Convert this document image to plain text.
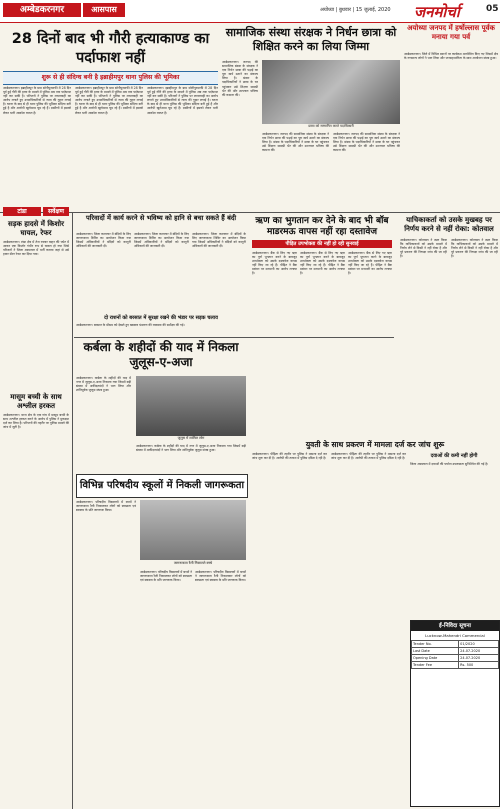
अम्बेडकरनगर	आसपास	अयोध्या | बुधवार | 15 जुलाई, 2020 जनमोर्चा	05
28 दिनों बाद भी गौरी हत्याकाण्ड का पर्दाफाश नहीं
शुरू से ही संदिग्ध बनी है इब्राहीमपुर थाना पुलिस की भूमिका
अम्बेडकरनगर। इब्राहीमपुर के ग्राम सोनीपुरमाफी में 28 दिन पूर्व हुई गौरी की हत्या के मामले में पुलिस अब तक पर्दाफाश नहीं कर सकी है। परिजनों ने पुलिस पर लापरवाही का आरोप लगाते हुए उच्चाधिकारियों से न्याय की गुहार लगाई है। घटना के बाद से ही थाना पुलिस की भूमिका संदिग्ध बनी हुई है और आरोपी खुलेआम घूम रहे हैं। ग्रामीणों में इसको लेकर भारी आक्रोश व्याप्त है।
अम्बेडकरनगर। इब्राहीमपुर के ग्राम सोनीपुरमाफी में 28 दिन पूर्व हुई गौरी की हत्या के मामले में पुलिस अब तक पर्दाफाश नहीं कर सकी है। परिजनों ने पुलिस पर लापरवाही का आरोप लगाते हुए उच्चाधिकारियों से न्याय की गुहार लगाई है। घटना के बाद से ही थाना पुलिस की भूमिका संदिग्ध बनी हुई है और आरोपी खुलेआम घूम रहे हैं। ग्रामीणों में इसको लेकर भारी आक्रोश व्याप्त है।
अम्बेडकरनगर। इब्राहीमपुर के ग्राम सोनीपुरमाफी में 28 दिन पूर्व हुई गौरी की हत्या के मामले में पुलिस अब तक पर्दाफाश नहीं कर सकी है। परिजनों ने पुलिस पर लापरवाही का आरोप लगाते हुए उच्चाधिकारियों से न्याय की गुहार लगाई है। घटना के बाद से ही थाना पुलिस की भूमिका संदिग्ध बनी हुई है और आरोपी खुलेआम घूम रहे हैं। ग्रामीणों में इसको लेकर भारी आक्रोश व्याप्त है।
सामाजिक संस्था संरक्षक ने निर्धन छात्रा को शिक्षित करने का लिया जिम्मा
अम्बेडकरनगर। जनपद की सामाजिक संस्था के संरक्षक ने एक निर्धन छात्रा की पढ़ाई का पूरा खर्च उठाने का संकल्प लिया है। संस्था के पदाधिकारियों ने छात्रा के घर पहुंचकर उसे शिक्षण सामग्री भेंट की और उज्ज्वल भविष्य की कामना की।
छात्रा को सम्मानित करते पदाधिकारी
अम्बेडकरनगर। जनपद की सामाजिक संस्था के संरक्षक ने एक निर्धन छात्रा की पढ़ाई का पूरा खर्च उठाने का संकल्प लिया है। संस्था के पदाधिकारियों ने छात्रा के घर पहुंचकर उसे शिक्षण सामग्री भेंट की और उज्ज्वल भविष्य की कामना की।
अम्बेडकरनगर। जनपद की सामाजिक संस्था के संरक्षक ने एक निर्धन छात्रा की पढ़ाई का पूरा खर्च उठाने का संकल्प लिया है। संस्था के पदाधिकारियों ने छात्रा के घर पहुंचकर उसे शिक्षण सामग्री भेंट की और उज्ज्वल भविष्य की कामना की।
अयोध्या जनपद में हर्षोल्लास पूर्वक मनाया गया पर्व
अम्बेडकरनगर। जिले में विभिन्न स्थानों पर कार्यक्रम आयोजित किए गए जिसमें क्षेत्र के गणमान्य लोगों ने भाग लिया और जनसहभागिता के साथ आयोजन संपन्न हुआ।
टांडा	सर्वेक्षण
सड़क हादसे में किशोर घायल, रेफर
अम्बेडकरनगर। टांडा क्षेत्र में तेज रफ्तार वाहन की चपेट में आकर एक किशोर गंभीर रूप से घायल हो गया जिसे परिजनों ने जिला अस्पताल में भर्ती कराया जहां से उसे हायर सेंटर रेफर कर दिया गया।
मासूम बच्ची के साथ अश्लील हरकत
अम्बेडकरनगर। थाना क्षेत्र के एक गांव में मासूम बच्ची के साथ अश्लील हरकत करने के आरोप में पुलिस ने मुकदमा दर्ज कर लिया है। परिजनों की तहरीर पर पुलिस मामले की जांच में जुटी है।
परिवादों में कार्य करने से भविष्य को हानि से बचा सकते हैं बंदी
अम्बेडकरनगर। जिला कारागार में बंदियों के लिए जागरूकता शिविर का आयोजन किया गया जिसमें अधिकारियों ने बंदियों को कानूनी अधिकारों की जानकारी दी।
अम्बेडकरनगर। जिला कारागार में बंदियों के लिए जागरूकता शिविर का आयोजन किया गया जिसमें अधिकारियों ने बंदियों को कानूनी अधिकारों की जानकारी दी।
अम्बेडकरनगर। जिला कारागार में बंदियों के लिए जागरूकता शिविर का आयोजन किया गया जिसमें अधिकारियों ने बंदियों को कानूनी अधिकारों की जानकारी दी।
दो राशनों को बरसात में सुरक्षा रखने की भंडार पर सड़क चलाव
अम्बेडकरनगर। बरसात के मौसम को देखते हुए खाद्यान्न भंडारण की व्यवस्था की समीक्षा की गई।
ऋण का भुगतान कर देने के बाद भी बॉब माडरमऊ वापस नहीं रहा दस्तावेज
पीड़ित उपभोक्ता की नहीं हो रही सुनवाई
अम्बेडकरनगर। बैंक से लिए गए ऋण का पूर्ण भुगतान करने के बावजूद उपभोक्ता को उसके दस्तावेज वापस नहीं किए जा रहे हैं। पीड़ित ने बैंक प्रबंधन पर मनमानी का आरोप लगाया है।
अम्बेडकरनगर। बैंक से लिए गए ऋण का पूर्ण भुगतान करने के बावजूद उपभोक्ता को उसके दस्तावेज वापस नहीं किए जा रहे हैं। पीड़ित ने बैंक प्रबंधन पर मनमानी का आरोप लगाया है।
अम्बेडकरनगर। बैंक से लिए गए ऋण का पूर्ण भुगतान करने के बावजूद उपभोक्ता को उसके दस्तावेज वापस नहीं किए जा रहे हैं। पीड़ित ने बैंक प्रबंधन पर मनमानी का आरोप लगाया है।
याचिकाकर्ता को उसके मुखबह पर निर्णय करने से नहीं रोका: कोतवाल
अम्बेडकरनगर। कोतवाल ने स्पष्ट किया कि याचिकाकर्ता को उसके मामले में निर्णय लेने से किसी ने नहीं रोका है और पूरे प्रकरण की निष्पक्ष जांच की जा रही है।
अम्बेडकरनगर। कोतवाल ने स्पष्ट किया कि याचिकाकर्ता को उसके मामले में निर्णय लेने से किसी ने नहीं रोका है और पूरे प्रकरण की निष्पक्ष जांच की जा रही है।
कर्बला के शहीदों की याद में निकला जुलूस-ए-अजा
अम्बेडकरनगर। कर्बला के शहीदों की याद में नगर में जुलूस-ए-अजा निकाला गया जिसमें बड़ी संख्या में अकीदतमंदों ने भाग लिया और शांतिपूर्वक जुलूस संपन्न हुआ।
जुलूस में शामिल लोग
अम्बेडकरनगर। कर्बला के शहीदों की याद में नगर में जुलूस-ए-अजा निकाला गया जिसमें बड़ी संख्या में अकीदतमंदों ने भाग लिया और शांतिपूर्वक जुलूस संपन्न हुआ।
युवती के साथ प्रकरण में मामला दर्ज कर जांच शुरू
अम्बेडकरनगर। पीड़िता की तहरीर पर पुलिस ने मामला दर्ज कर जांच शुरू कर दी है। आरोपी की तलाश में पुलिस दबिश दे रही है।
अम्बेडकरनगर। पीड़िता की तहरीर पर पुलिस ने मामला दर्ज कर जांच शुरू कर दी है। आरोपी की तलाश में पुलिस दबिश दे रही है।	दवाओं की कमी नहीं होगी
जिला अस्पताल में दवाओं की पर्याप्त उपलब्धता सुनिश्चित की गई है।
विभिन्न परिषदीय स्कूलों में निकली जागरूकता
जागरूकता रैली निकालते बच्चे
अम्बेडकरनगर। परिषदीय विद्यालयों में बच्चों ने जागरूकता रैली निकालकर लोगों को स्वच्छता एवं स्वास्थ्य के प्रति जागरूक किया।
अम्बेडकरनगर। परिषदीय विद्यालयों में बच्चों ने जागरूकता रैली निकालकर लोगों को स्वच्छता एवं स्वास्थ्य के प्रति जागरूक किया।
अम्बेडकरनगर। परिषदीय विद्यालयों में बच्चों ने जागरूकता रैली निकालकर लोगों को स्वच्छता एवं स्वास्थ्य के प्रति जागरूक किया।
ई-निविदा सूचना
Lucknow-Mahendri Commercial
Tender No.	01/2020
Last Date	24.07.2020
Opening Date	24.07.2020
Tender Fee	Rs. 500
